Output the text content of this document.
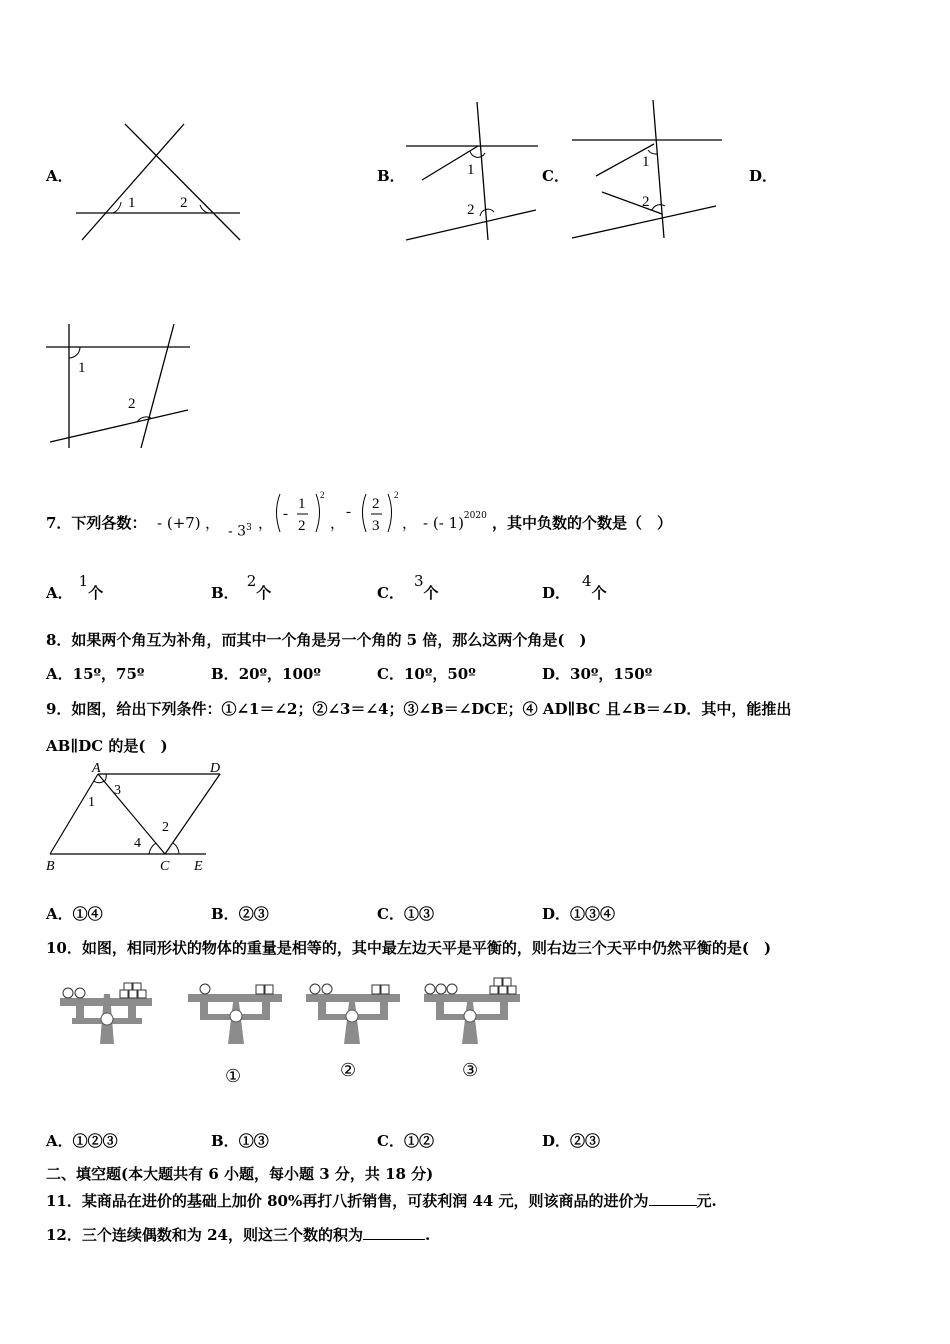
A．
1	2
B．	1
2
C．
1
2
D．
1
2
7．下列各数： - (+7) ， - $3^3$ ， -
1
2
2
，
- 2
3
2
， - (- 1)$^{2020}$ ，其中负数的个数是（　）
A．1个	B．2个	C．3个	D．4个
8．如果两个角互为补角，而其中一个角是另一个角的 5 倍，那么这两个角是(　)
A．15º，75º	B．20º，100º	C．10º，50º	D．30º，150º
9．如图，给出下列条件：①∠1＝∠2；②∠3＝∠4；③∠B＝∠DCE；④ AD∥BC 且∠B＝∠D．其中，能推出
AB∥DC 的是(　)
A	D
B	C E
1
3
4
2
A．①④	B．②③	C．①③	D．①③④
10．如图，相同形状的物体的重量是相等的，其中最左边天平是平衡的，则右边三个天平中仍然平衡的是(　)
①	②	③
A．①②③	B．①③	C．①②	D．②③
二、填空题(本大题共有 6 小题，每小题 3 分，共 18 分)
11．某商品在进价的基础上加价 80%再打八折销售，可获利润 44 元，则该商品的进价为	元.
12．三个连续偶数和为 24，则这三个数的积为	.
